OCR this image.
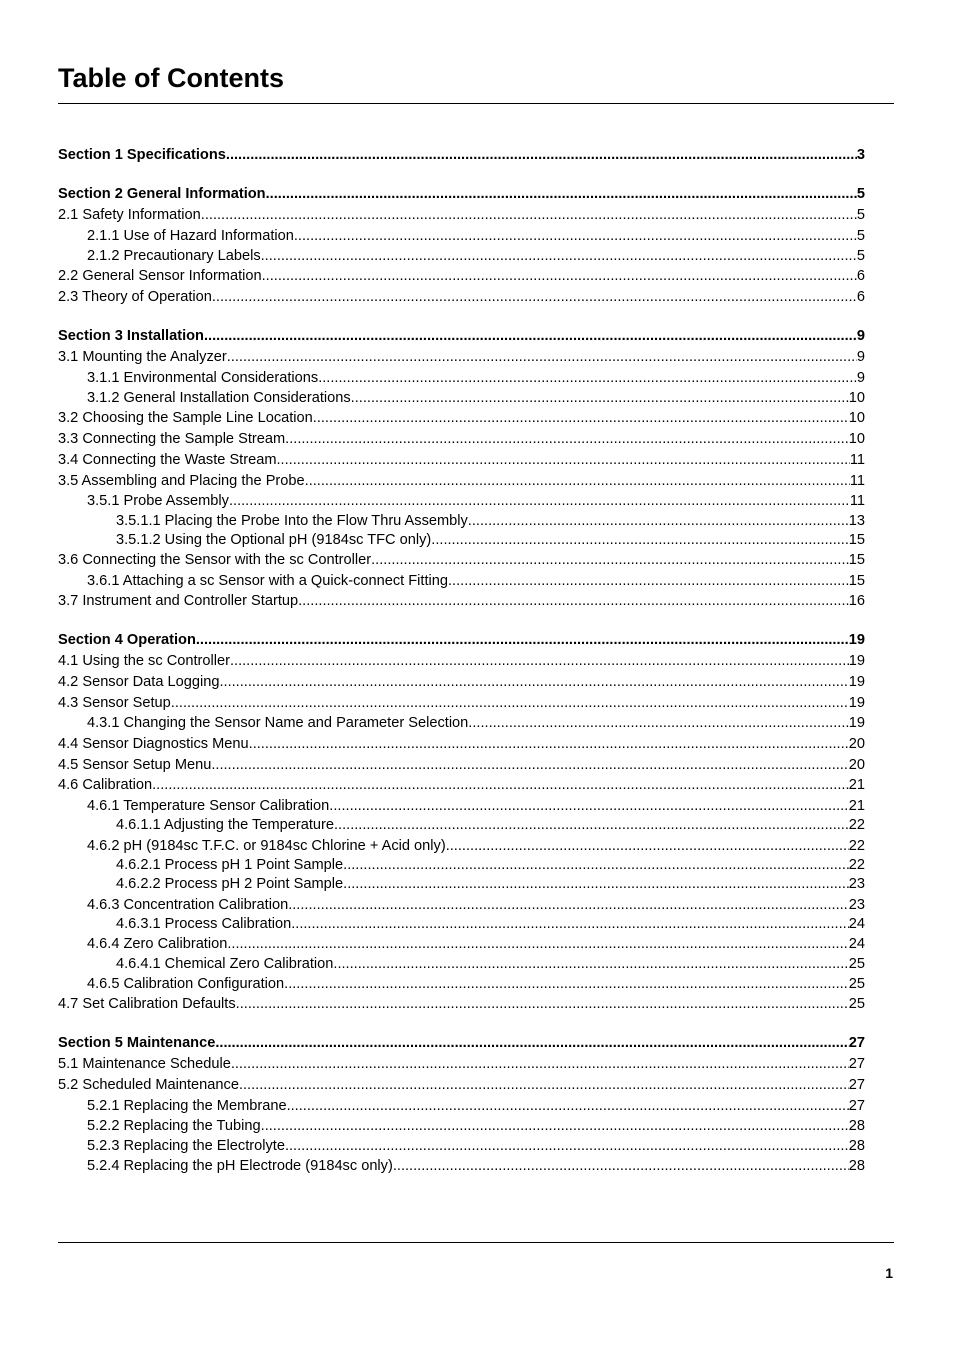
Table of Contents
Section 1 Specifications .....	3
Section 2 General Information .....	5
2.1 Safety Information .....	5
2.1.1 Use of Hazard Information .....	5
2.1.2 Precautionary Labels .....	5
2.2 General Sensor Information .....	6
2.3 Theory of Operation .....	6
Section 3 Installation .....	9
3.1 Mounting the Analyzer .....	9
3.1.1 Environmental Considerations .....	9
3.1.2 General Installation Considerations .....	10
3.2 Choosing the Sample Line Location .....	10
3.3 Connecting the Sample Stream .....	10
3.4 Connecting the Waste Stream .....	11
3.5 Assembling and Placing the Probe .....	11
3.5.1 Probe Assembly .....	11
3.5.1.1 Placing the Probe Into the Flow Thru Assembly .....	13
3.5.1.2 Using the Optional pH (9184sc TFC only) .....	15
3.6 Connecting the Sensor with the sc Controller .....	15
3.6.1 Attaching a sc Sensor with a Quick-connect Fitting .....	15
3.7 Instrument and Controller Startup .....	16
Section 4 Operation .....	19
4.1 Using the sc Controller .....	19
4.2 Sensor Data Logging .....	19
4.3 Sensor Setup .....	19
4.3.1 Changing the Sensor Name and Parameter Selection .....	19
4.4 Sensor Diagnostics Menu .....	20
4.5 Sensor Setup Menu .....	20
4.6 Calibration .....	21
4.6.1 Temperature Sensor Calibration .....	21
4.6.1.1 Adjusting the Temperature .....	22
4.6.2 pH (9184sc T.F.C. or 9184sc Chlorine + Acid only) .....	22
4.6.2.1 Process pH 1 Point Sample .....	22
4.6.2.2 Process pH 2 Point Sample .....	23
4.6.3 Concentration Calibration .....	23
4.6.3.1 Process Calibration .....	24
4.6.4 Zero Calibration .....	24
4.6.4.1 Chemical Zero Calibration .....	25
4.6.5 Calibration Configuration .....	25
4.7 Set Calibration Defaults .....	25
Section 5 Maintenance .....	27
5.1 Maintenance Schedule .....	27
5.2 Scheduled Maintenance .....	27
5.2.1 Replacing the Membrane .....	27
5.2.2 Replacing the Tubing .....	28
5.2.3 Replacing the Electrolyte .....	28
5.2.4 Replacing the pH Electrode (9184sc only) .....	28
1
